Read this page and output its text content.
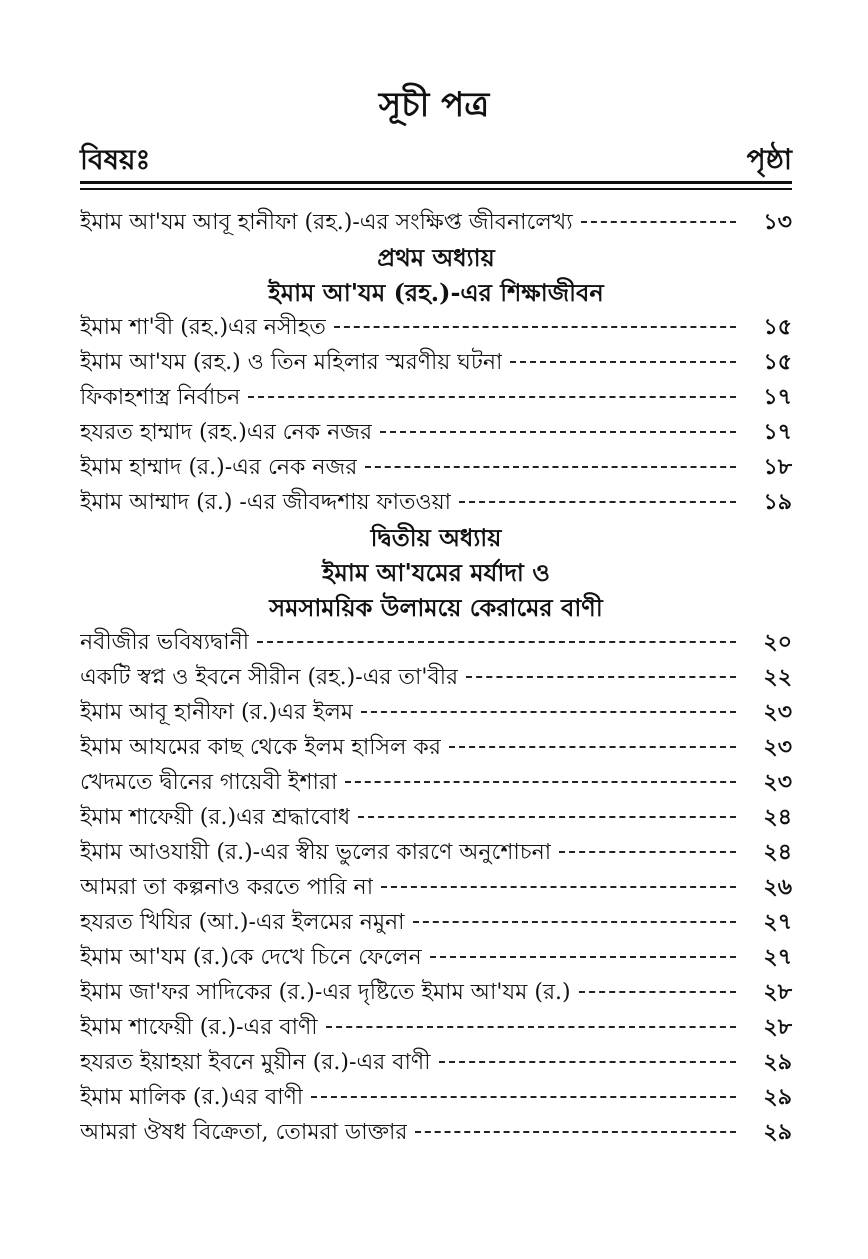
সূচী পত্র
বিষয়ঃ	পৃষ্ঠা
ইমাম আ'যম আবূ হানীফা (রহ.)-এর সংক্ষিপ্ত জীবনালেখ্য	১৩
প্রথম অধ্যায়
ইমাম আ'যম (রহ.)-এর শিক্ষাজীবন
ইমাম শা'বী (রহ.)এর নসীহত	১৫
ইমাম আ'যম (রহ.) ও তিন মহিলার স্মরণীয় ঘটনা	১৫
ফিকাহশাস্ত্র নির্বাচন	১৭
হযরত হাম্মাদ (রহ.)এর নেক নজর	১৭
ইমাম হাম্মাদ (র.)-এর নেক নজর	১৮
ইমাম আম্মাদ (র.) -এর জীবদ্দশায় ফাতওয়া	১৯
দ্বিতীয় অধ্যায়
ইমাম আ'যমের মর্যাদা ও
সমসাময়িক উলাময়ে কেরামের বাণী
নবীজীর ভবিষ্যদ্বানী	২০
একটি স্বপ্ন ও ইবনে সীরীন (রহ.)-এর তা'বীর	২২
ইমাম আবূ হানীফা (র.)এর ইলম	২৩
ইমাম আযমের কাছ থেকে ইলম হাসিল কর	২৩
খেদমতে দ্বীনের গায়েবী ইশারা	২৩
ইমাম শাফেয়ী (র.)এর শ্রদ্ধাবোধ	২৪
ইমাম আওযায়ী (র.)-এর স্বীয় ভুলের কারণে অনুশোচনা	২৪
আমরা তা কল্পনাও করতে পারি না	২৬
হযরত খিযির (আ.)-এর ইলমের নমুনা	২৭
ইমাম আ'যম (র.)কে দেখে চিনে ফেলেন	২৭
ইমাম জা'ফর সাদিকের (র.)-এর দৃষ্টিতে ইমাম আ'যম (র.)	২৮
ইমাম শাফেয়ী (র.)-এর বাণী	২৮
হযরত ইয়াহয়া ইবনে মুয়ীন (র.)-এর বাণী	২৯
ইমাম মালিক (র.)এর বাণী	২৯
আমরা ঔষধ বিক্রেতা, তোমরা ডাক্তার	২৯
